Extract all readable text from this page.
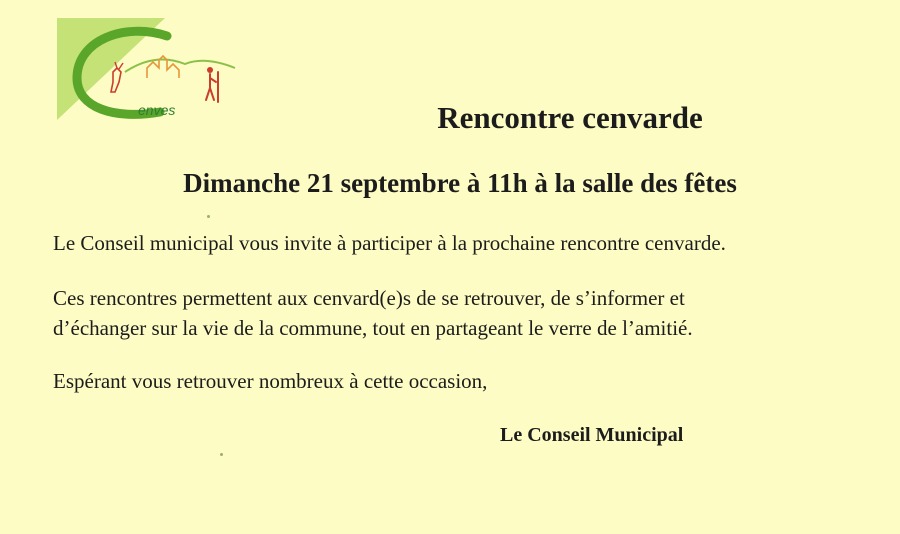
enves	Rencontre cenvarde
Dimanche 21 septembre à 11h à la salle des fêtes

Le Conseil municipal vous invite à participer à la prochaine rencontre cenvarde.

Ces rencontres permettent aux cenvard(e)s de se retrouver, de s’informer et
d’échanger sur la vie de la commune, tout en partageant le verre de l’amitié.

Espérant vous retrouver nombreux à cette occasion,

Le Conseil Municipal
